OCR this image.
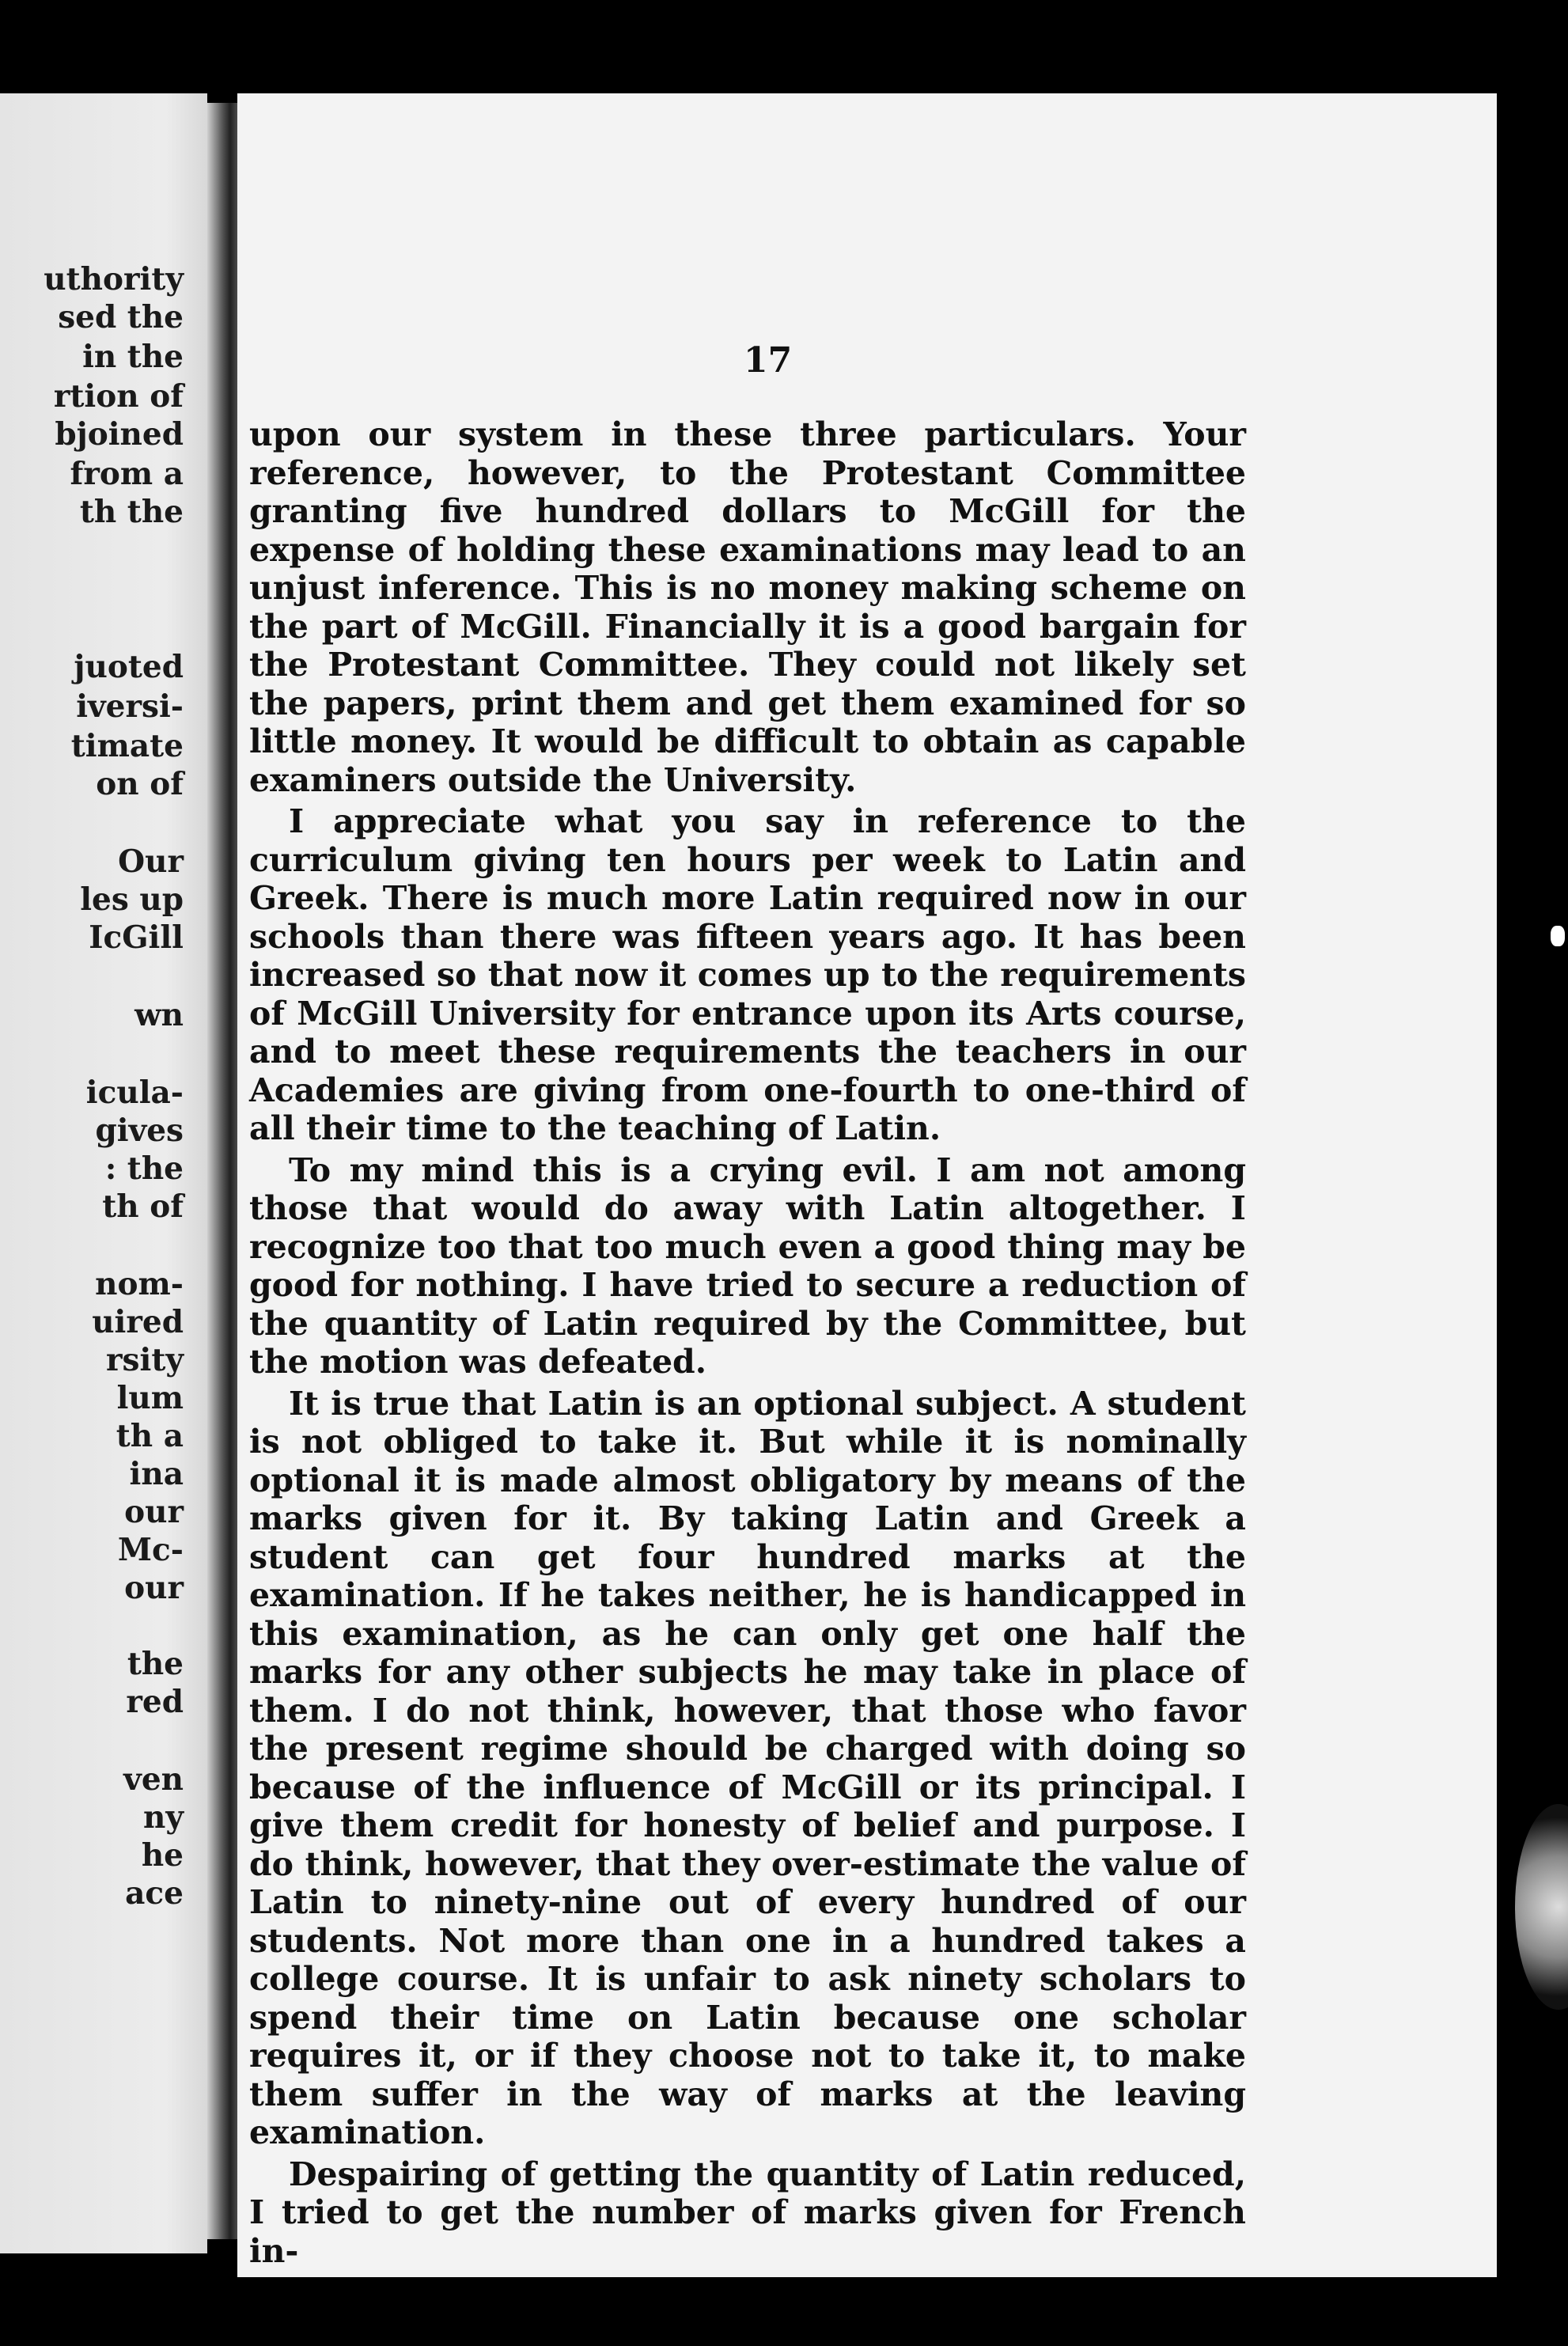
uthority
sed the
in the
rtion of
bjoined
from a
th the
juoted
iversi-
timate
on of
Our
les up
IcGill
wn
icula-
gives
: the
th of
nom-
uired
rsity
lum
th a
ina
our
Mc-
our
the
red
ven
ny
he
ace
17

upon our system in these three particulars. Your reference, however, to the Protestant Committee granting five hundred dollars to McGill for the expense of holding these examinations may lead to an unjust inference. This is no money making scheme on the part of McGill. Financially it is a good bargain for the Protestant Committee. They could not likely set the papers, print them and get them examined for so little money. It would be difficult to obtain as capable examiners outside the University.

I appreciate what you say in reference to the curriculum giving ten hours per week to Latin and Greek. There is much more Latin required now in our schools than there was fifteen years ago. It has been increased so that now it comes up to the requirements of McGill University for entrance upon its Arts course, and to meet these requirements the teachers in our Academies are giving from one-fourth to one-third of all their time to the teaching of Latin.

To my mind this is a crying evil. I am not among those that would do away with Latin altogether. I recognize too that too much even a good thing may be good for nothing. I have tried to secure a reduction of the quantity of Latin required by the Committee, but the motion was defeated.

It is true that Latin is an optional subject. A student is not obliged to take it. But while it is nominally optional it is made almost obligatory by means of the marks given for it. By taking Latin and Greek a student can get four hundred marks at the examination. If he takes neither, he is handicapped in this examination, as he can only get one half the marks for any other subjects he may take in place of them. I do not think, however, that those who favor the present regime should be charged with doing so because of the influence of McGill or its principal. I give them credit for honesty of belief and purpose. I do think, however, that they over-estimate the value of Latin to ninety-nine out of every hundred of our students. Not more than one in a hundred takes a college course. It is unfair to ask ninety scholars to spend their time on Latin because one scholar requires it, or if they choose not to take it, to make them suffer in the way of marks at the leaving examination.

Despairing of getting the quantity of Latin reduced, I tried to get the number of marks given for French in-
